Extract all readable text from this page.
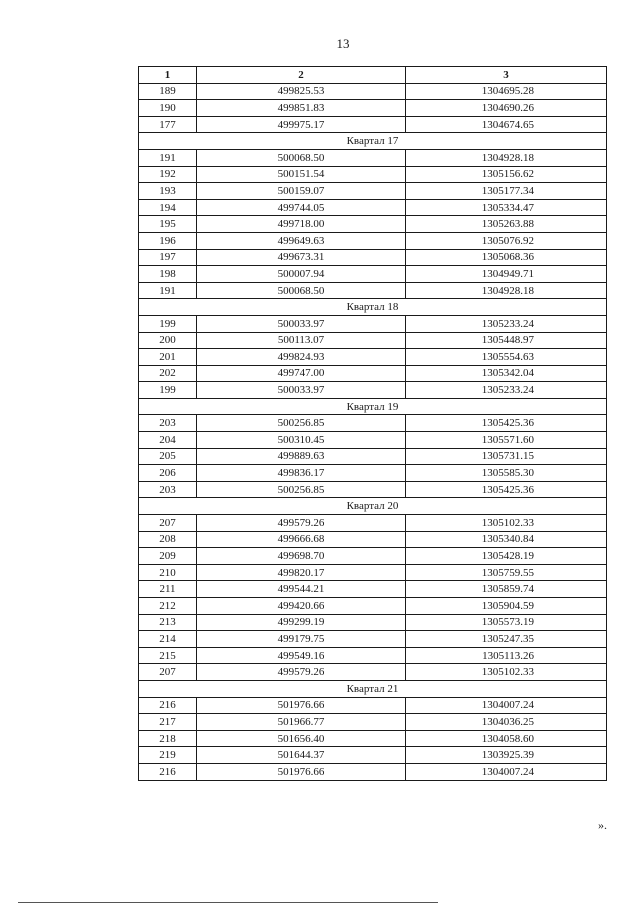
13
1	2	3
189	499825.53	1304695.28
190	499851.83	1304690.26
177	499975.17	1304674.65
Квартал 17		
191	500068.50	1304928.18
192	500151.54	1305156.62
193	500159.07	1305177.34
194	499744.05	1305334.47
195	499718.00	1305263.88
196	499649.63	1305076.92
197	499673.31	1305068.36
198	500007.94	1304949.71
191	500068.50	1304928.18
Квартал 18		
199	500033.97	1305233.24
200	500113.07	1305448.97
201	499824.93	1305554.63
202	499747.00	1305342.04
199	500033.97	1305233.24
Квартал 19		
203	500256.85	1305425.36
204	500310.45	1305571.60
205	499889.63	1305731.15
206	499836.17	1305585.30
203	500256.85	1305425.36
Квартал 20		
207	499579.26	1305102.33
208	499666.68	1305340.84
209	499698.70	1305428.19
210	499820.17	1305759.55
211	499544.21	1305859.74
212	499420.66	1305904.59
213	499299.19	1305573.19
214	499179.75	1305247.35
215	499549.16	1305113.26
207	499579.26	1305102.33
Квартал 21		
216	501976.66	1304007.24
217	501966.77	1304036.25
218	501656.40	1304058.60
219	501644.37	1303925.39
216	501976.66	1304007.24
».
